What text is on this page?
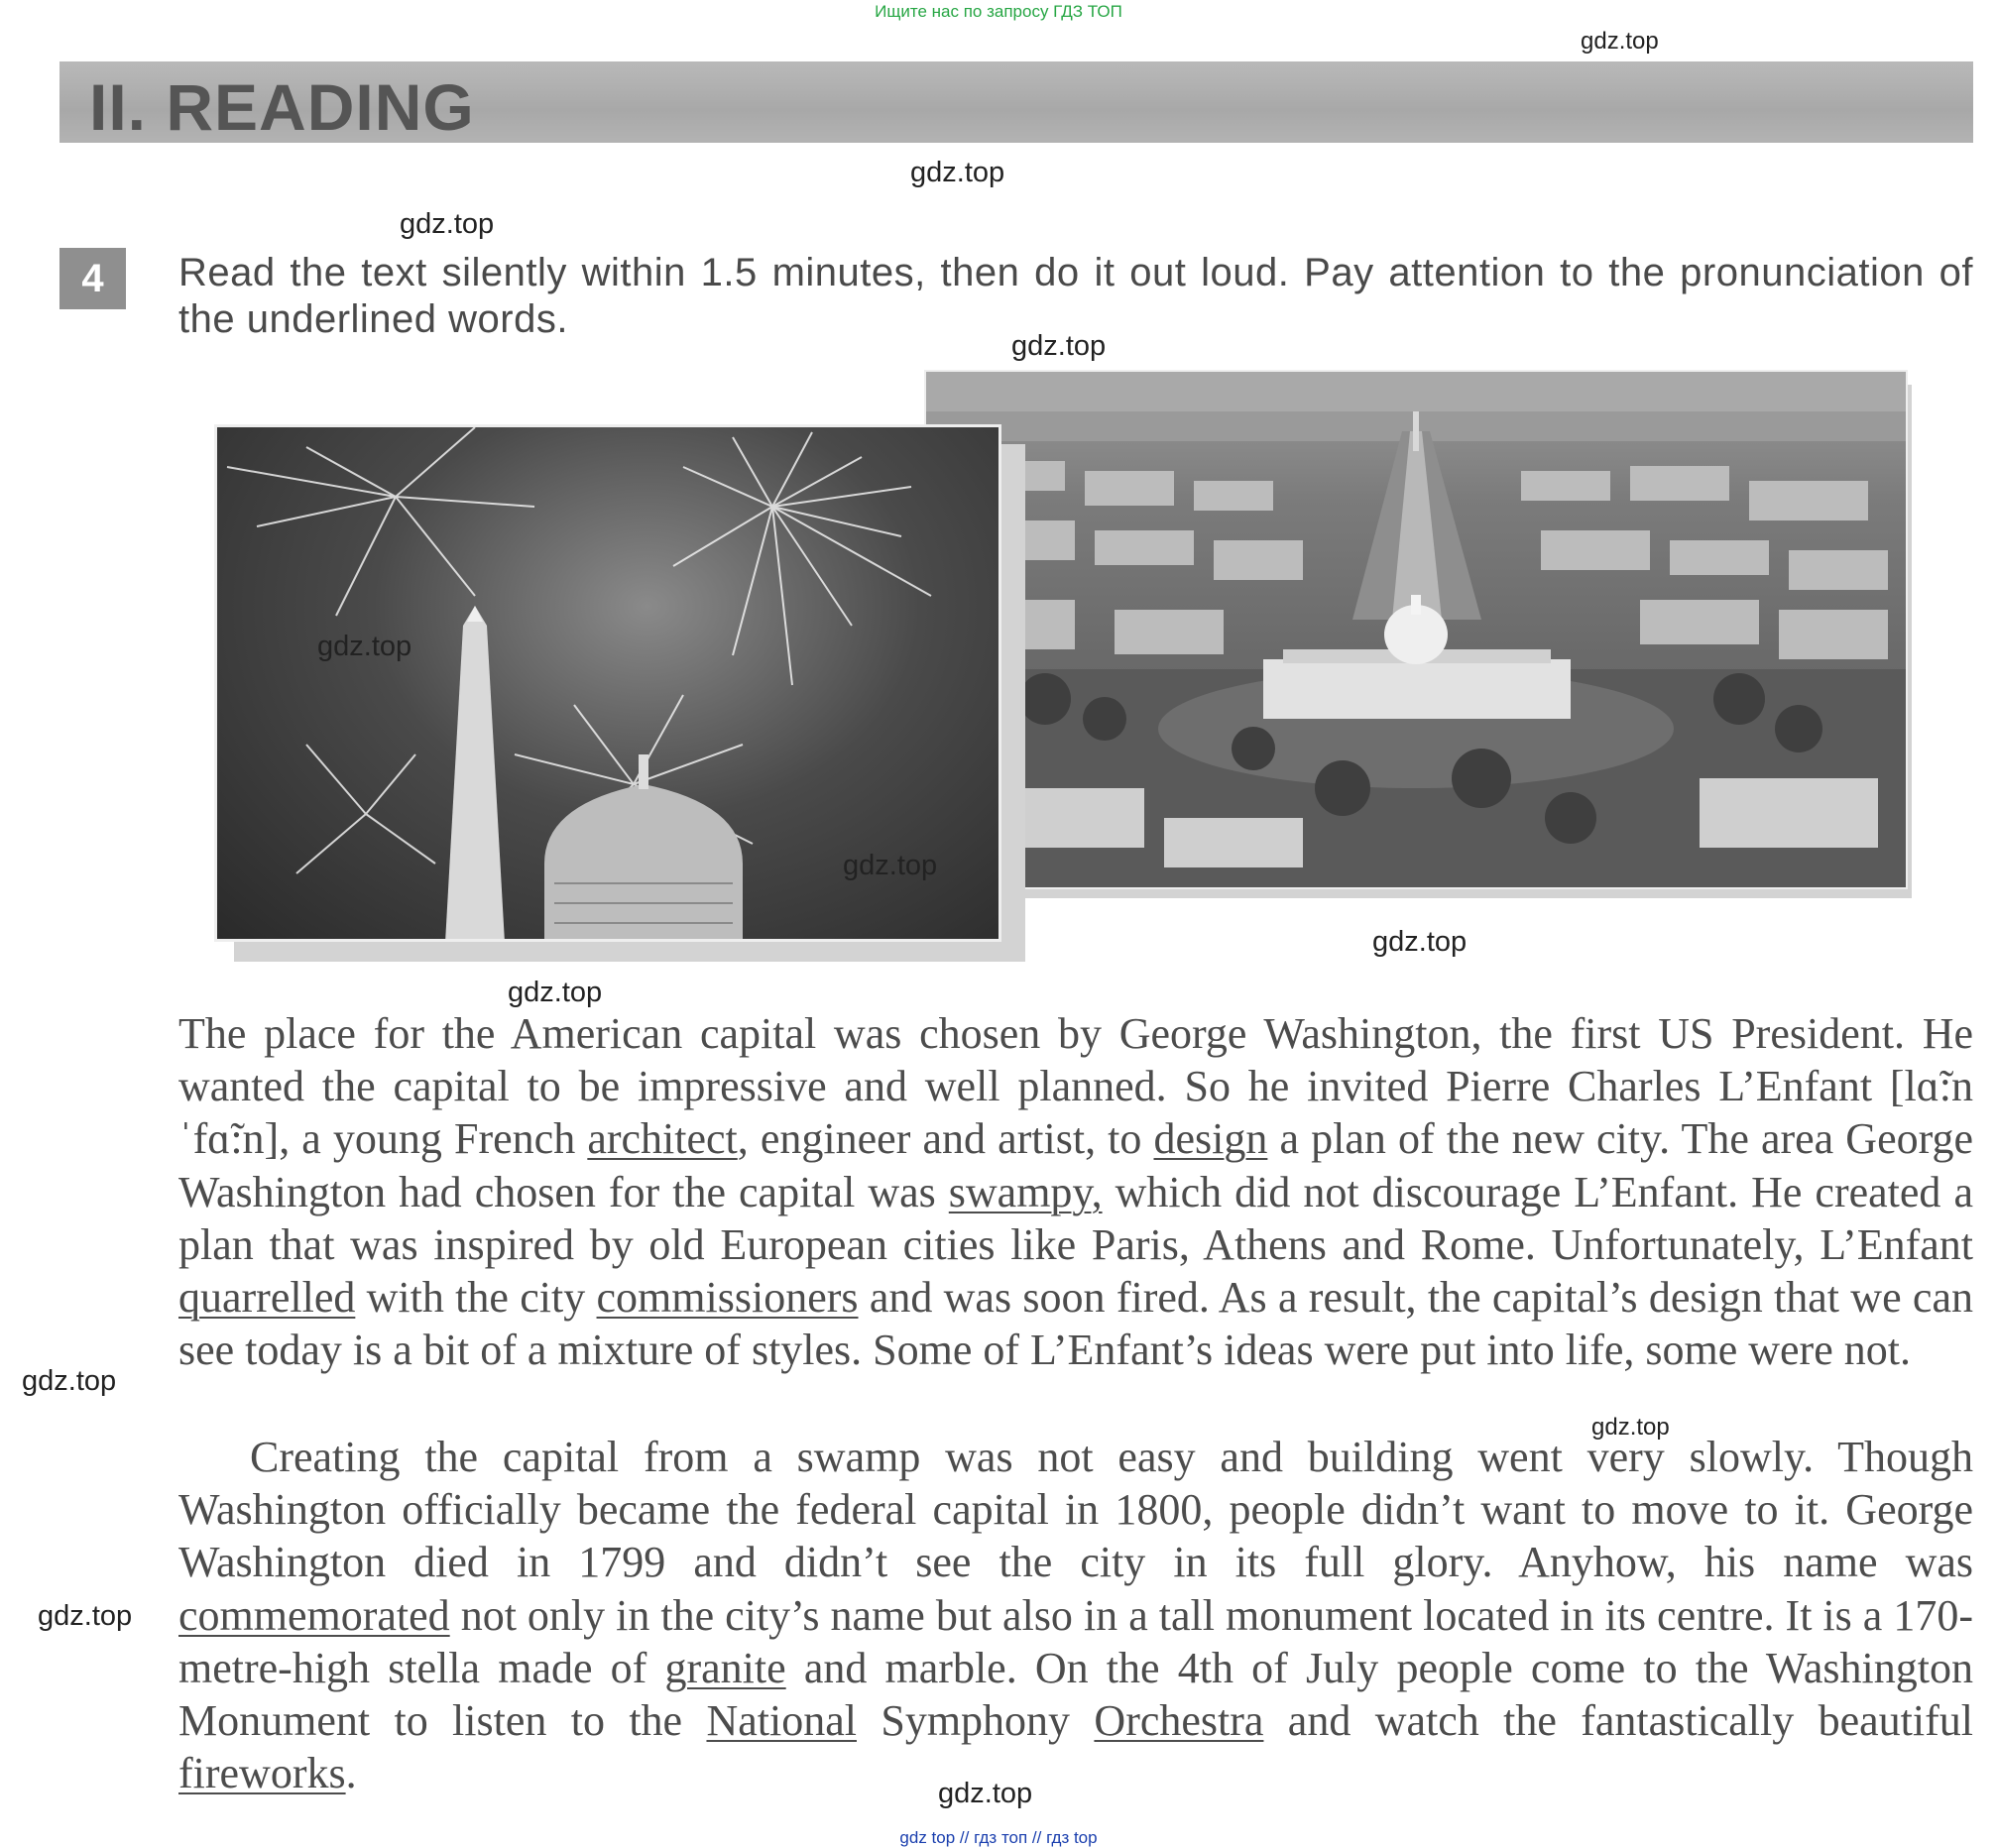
Ищите нас по запросу ГДЗ ТОП
gdz.top
II. READING
gdz.top
gdz.top
4	Read the text silently within 1.5 minutes, then do it out loud. Pay attention to the pronunciation of the underlined words.
gdz.top
gdz.top
gdz.top
gdz.top
gdz.top
The place for the American capital was chosen by George Washington, the first US President. He wanted the capital to be impressive and well planned. So he invited Pierre Charles L’Enfant [lɑ̃:nˈfɑ̃:n], a young French architect, engineer and artist, to design a plan of the new city. The area George Washington had chosen for the capital was swampy, which did not discourage L’Enfant. He created a plan that was inspired by old European cities like Paris, Athens and Rome. Unfortunately, L’Enfant quarrelled with the city commissioners and was soon fired. As a result, the capital’s design that we can see today is a bit of a mixture of styles. Some of L’Enfant’s ideas were put into life, some were not.
Creating the capital from a swamp was not easy and building went very slowly. Though Washington officially became the federal capital in 1800, people didn’t want to move to it. George Washington died in 1799 and didn’t see the city in its full glory. Anyhow, his name was commemorated not only in the city’s name but also in a tall monument located in its centre. It is a 170-metre-high stella made of granite and marble. On the 4th of July people come to the Washington Monument to listen to the National Symphony Orchestra and watch the fantastically beautiful fireworks.
gdz.top
gdz.top
gdz.top
gdz.top
gdz top // гдз топ // гдз top
